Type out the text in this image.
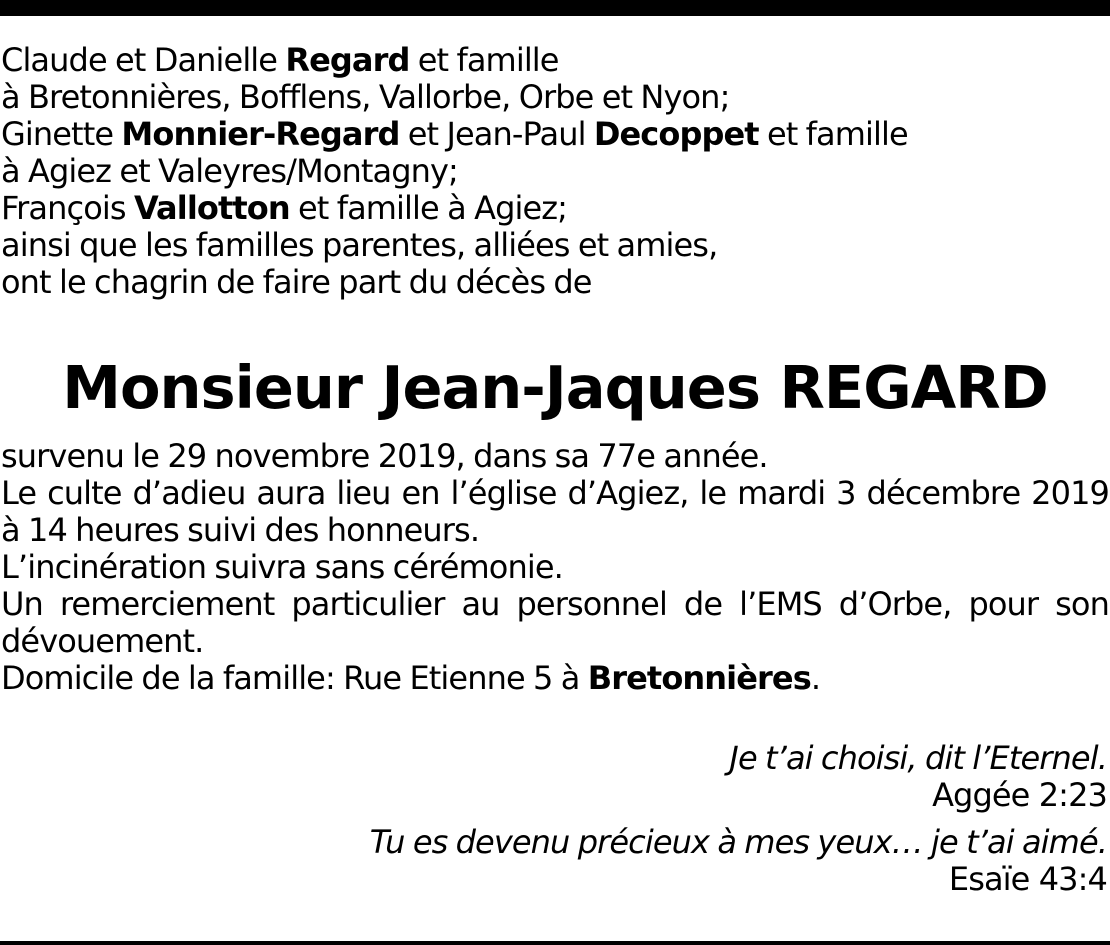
Claude et Danielle Regard et famille
à Bretonnières, Bofflens, Vallorbe, Orbe et Nyon;
Ginette Monnier-Regard et Jean-Paul Decoppet et famille
à Agiez et Valeyres/Montagny;
François Vallotton et famille à Agiez;
ainsi que les familles parentes, alliées et amies,
ont le chagrin de faire part du décès de
Monsieur Jean-Jaques REGARD
survenu le 29 novembre 2019, dans sa 77e année.
Le culte d’adieu aura lieu en l’église d’Agiez, le mardi 3 décembre 2019
à 14 heures suivi des honneurs.
L’incinération suivra sans cérémonie.
Un remerciement particulier au personnel de l’EMS d’Orbe, pour son
dévouement.
Domicile de la famille: Rue Etienne 5 à Bretonnières.
Je t’ai choisi, dit l’Eternel.
Aggée 2:23
Tu es devenu précieux à mes yeux… je t’ai aimé.
Esaïe 43:4
